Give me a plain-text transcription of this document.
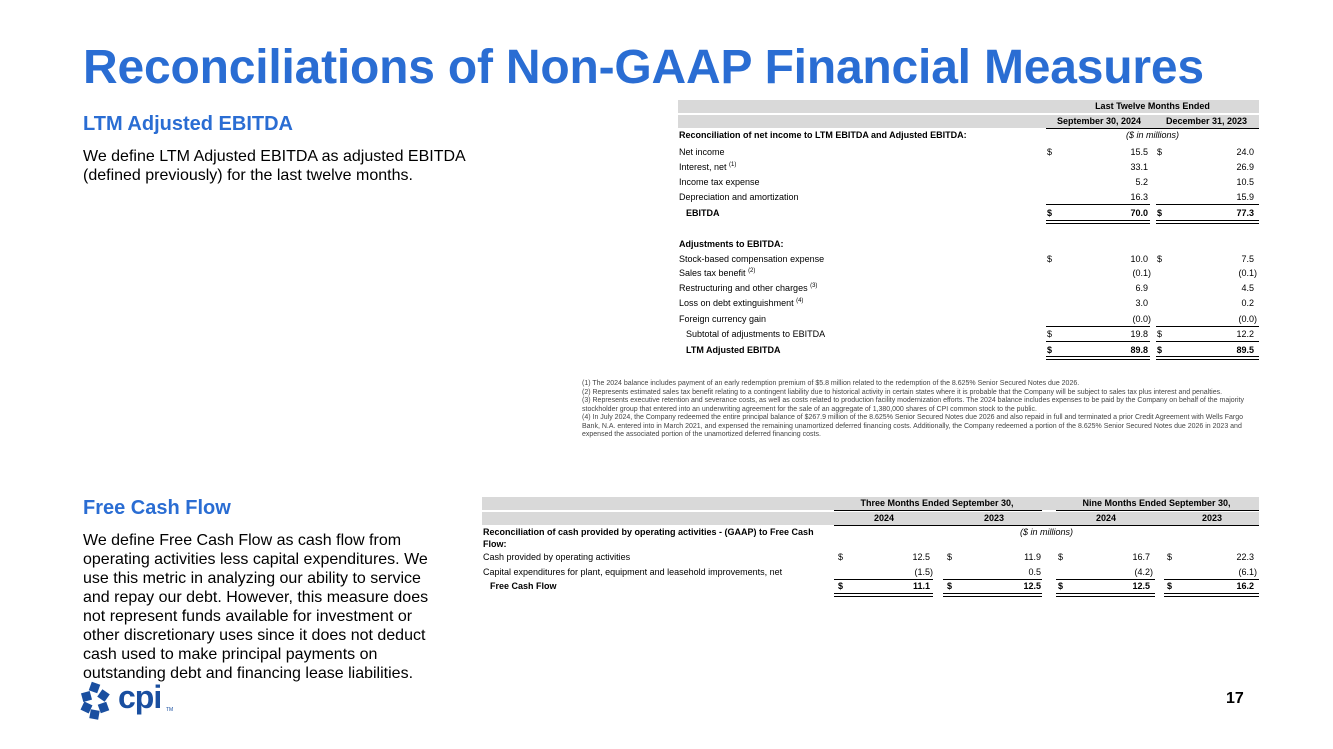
Reconciliations of Non-GAAP Financial Measures
LTM Adjusted EBITDA
We define LTM Adjusted EBITDA as adjusted EBITDA (defined previously) for the last twelve months.
Last Twelve Months Ended
September 30, 2024	December 31, 2023
Reconciliation of net income to LTM EBITDA and Adjusted EBITDA:	($ in millions)
Net income	$	15.5 $	24.0
Interest, net $^{(1)}$	33.1	26.9
Income tax expense	5.2	10.5
Depreciation and amortization	16.3	15.9
EBITDA	$	70.0 $	77.3
Adjustments to EBITDA:
Stock-based compensation expense	$	10.0 $	7.5
Sales tax benefit $^{(2)}$	(0.1)	(0.1)
Restructuring and other charges $^{(3)}$	6.9	4.5
Loss on debt extinguishment $^{(4)}$	3.0	0.2
Foreign currency gain	(0.0)	(0.0)
Subtotal of adjustments to EBITDA	$	19.8 $	12.2
LTM Adjusted EBITDA	$	89.8 $	89.5
(1) The 2024 balance includes payment of an early redemption premium of $5.8 million related to the redemption of the 8.625% Senior Secured Notes due 2026.
(2) Represents estimated sales tax benefit relating to a contingent liability due to historical activity in certain states where it is probable that the Company will be subject to sales tax plus interest and penalties.
(3) Represents executive retention and severance costs, as well as costs related to production facility modernization efforts. The 2024 balance includes expenses to be paid by the Company on behalf of the majority stockholder group that entered into an underwriting agreement for the sale of an aggregate of 1,380,000 shares of CPI common stock to the public.
(4) In July 2024, the Company redeemed the entire principal balance of $267.9 million of the 8.625% Senior Secured Notes due 2026 and also repaid in full and terminated a prior Credit Agreement with Wells Fargo Bank, N.A. entered into in March 2021, and expensed the remaining unamortized deferred financing costs. Additionally, the Company redeemed a portion of the 8.625% Senior Secured Notes due 2026 in 2023 and expensed the associated portion of the unamortized deferred financing costs.
Free Cash Flow
We define Free Cash Flow as cash flow from operating activities less capital expenditures. We use this metric in analyzing our ability to service and repay our debt. However, this measure does not represent funds available for investment or other discretionary uses since it does not deduct cash used to make principal payments on outstanding debt and financing lease liabilities.
Three Months Ended September 30,	Nine Months Ended September 30,
2024	2023	2024	2023
Reconciliation of cash provided by operating activities - (GAAP) to Free Cash Flow:
($ in millions)
Cash provided by operating activities	$	12.5 $	11.9 $	16.7 $	22.3
Capital expenditures for plant, equipment and leasehold improvements, net	(1.5)	0.5	(4.2)	(6.1)
Free Cash Flow	$	11.1 $	12.5 $	12.5 $	16.2
cpi TM
17
